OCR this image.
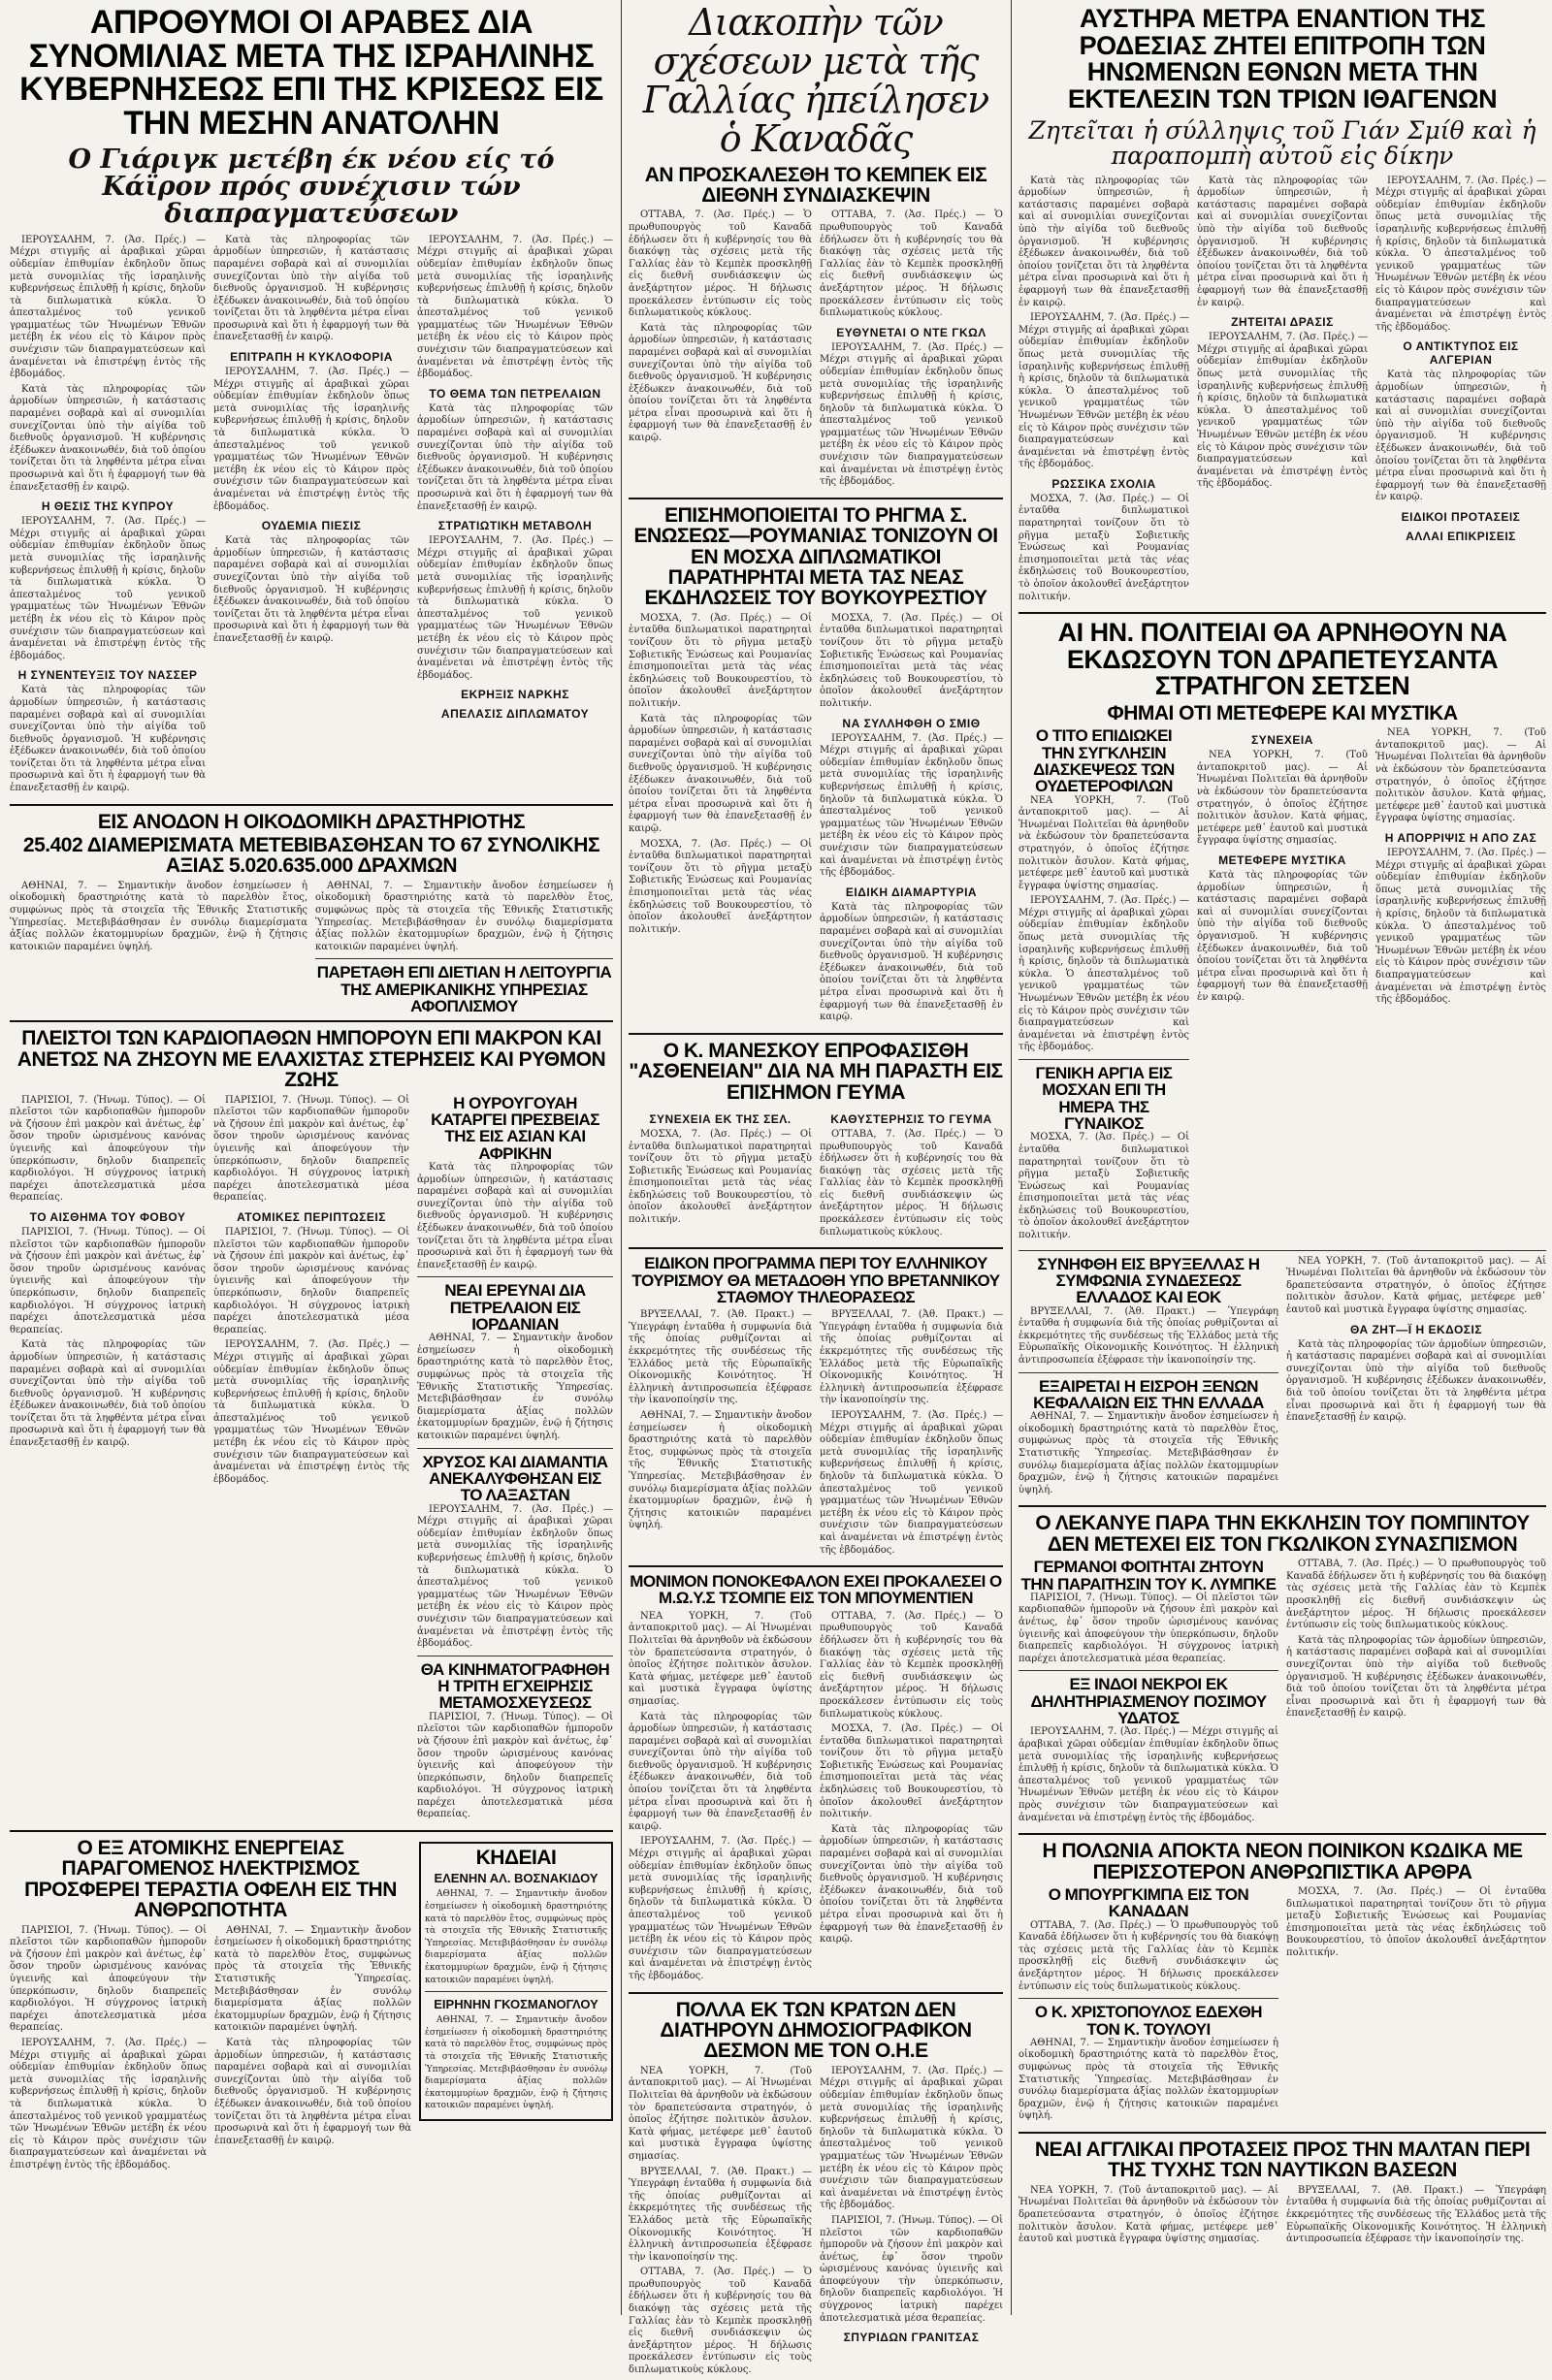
ΑΠΡΟΘΥΜΟΙ ΟΙ ΑΡΑΒΕΣ ΔΙΑ ΣΥΝΟΜΙΛΙΑΣ ΜΕΤΑ ΤΗΣ ΙΣΡΑΗΛΙΝΗΣ ΚΥΒΕΡΝΗΣΕΩΣ ΕΠΙ ΤΗΣ ΚΡΙΣΕΩΣ ΕΙΣ ΤΗΝ ΜΕΣΗΝ ΑΝΑΤΟΛΗΝ
Ο Γιάριγκ μετέβη έκ νέου είς τό Κάϊρον πρός συνέχισιν τών διαπραγματεύσεων

ΙΕΡΟΥΣΑΛΗΜ, 7. (Ἀσ. Πρές.) — Μέχρι στιγμῆς αἱ ἀραβικαὶ χῶραι οὐδεμίαν ἐπιθυμίαν ἐκδηλοῦν ὅπως μετὰ συνομιλίας τῆς ἰσραηλινῆς κυβερνήσεως ἐπιλυθῇ ἡ κρίσις, δηλοῦν τὰ διπλωματικὰ κύκλα. Ὁ ἀπεσταλμένος τοῦ γενικοῦ γραμματέως τῶν Ἡνωμένων Ἐθνῶν μετέβη ἐκ νέου εἰς τὸ Κάιρον πρὸς συνέχισιν τῶν διαπραγματεύσεων καὶ ἀναμένεται νὰ ἐπιστρέψῃ ἐντὸς τῆς ἑβδομάδος.

Κατὰ τὰς πληροφορίας τῶν ἁρμοδίων ὑπηρεσιῶν, ἡ κατάστασις παραμένει σοβαρὰ καὶ αἱ συνομιλίαι συνεχίζονται ὑπὸ τὴν αἰγίδα τοῦ διεθνοῦς ὀργανισμοῦ. Ἡ κυβέρνησις ἐξέδωκεν ἀνακοινωθέν, διὰ τοῦ ὁποίου τονίζεται ὅτι τὰ ληφθέντα μέτρα εἶναι προσωρινὰ καὶ ὅτι ἡ ἐφαρμογή των θὰ ἐπανεξετασθῇ ἐν καιρῷ.

Η ΘΕΣΙΣ ΤΗΣ ΚΥΠΡΟΥ

ΙΕΡΟΥΣΑΛΗΜ, 7. (Ἀσ. Πρές.) — Μέχρι στιγμῆς αἱ ἀραβικαὶ χῶραι οὐδεμίαν ἐπιθυμίαν ἐκδηλοῦν ὅπως μετὰ συνομιλίας τῆς ἰσραηλινῆς κυβερνήσεως ἐπιλυθῇ ἡ κρίσις, δηλοῦν τὰ διπλωματικὰ κύκλα. Ὁ ἀπεσταλμένος τοῦ γενικοῦ γραμματέως τῶν Ἡνωμένων Ἐθνῶν μετέβη ἐκ νέου εἰς τὸ Κάιρον πρὸς συνέχισιν τῶν διαπραγματεύσεων καὶ ἀναμένεται νὰ ἐπιστρέψῃ ἐντὸς τῆς ἑβδομάδος.

Η ΣΥΝΕΝΤΕΥΞΙΣ ΤΟΥ ΝΑΣΣΕΡ

Κατὰ τὰς πληροφορίας τῶν ἁρμοδίων ὑπηρεσιῶν, ἡ κατάστασις παραμένει σοβαρὰ καὶ αἱ συνομιλίαι συνεχίζονται ὑπὸ τὴν αἰγίδα τοῦ διεθνοῦς ὀργανισμοῦ. Ἡ κυβέρνησις ἐξέδωκεν ἀνακοινωθέν, διὰ τοῦ ὁποίου τονίζεται ὅτι τὰ ληφθέντα μέτρα εἶναι προσωρινὰ καὶ ὅτι ἡ ἐφαρμογή των θὰ ἐπανεξετασθῇ ἐν καιρῷ.

Κατὰ τὰς πληροφορίας τῶν ἁρμοδίων ὑπηρεσιῶν, ἡ κατάστασις παραμένει σοβαρὰ καὶ αἱ συνομιλίαι συνεχίζονται ὑπὸ τὴν αἰγίδα τοῦ διεθνοῦς ὀργανισμοῦ. Ἡ κυβέρνησις ἐξέδωκεν ἀνακοινωθέν, διὰ τοῦ ὁποίου τονίζεται ὅτι τὰ ληφθέντα μέτρα εἶναι προσωρινὰ καὶ ὅτι ἡ ἐφαρμογή των θὰ ἐπανεξετασθῇ ἐν καιρῷ.

ΕΠΙΤΡΑΠΗ Η ΚΥΚΛΟΦΟΡΙΑ

ΙΕΡΟΥΣΑΛΗΜ, 7. (Ἀσ. Πρές.) — Μέχρι στιγμῆς αἱ ἀραβικαὶ χῶραι οὐδεμίαν ἐπιθυμίαν ἐκδηλοῦν ὅπως μετὰ συνομιλίας τῆς ἰσραηλινῆς κυβερνήσεως ἐπιλυθῇ ἡ κρίσις, δηλοῦν τὰ διπλωματικὰ κύκλα. Ὁ ἀπεσταλμένος τοῦ γενικοῦ γραμματέως τῶν Ἡνωμένων Ἐθνῶν μετέβη ἐκ νέου εἰς τὸ Κάιρον πρὸς συνέχισιν τῶν διαπραγματεύσεων καὶ ἀναμένεται νὰ ἐπιστρέψῃ ἐντὸς τῆς ἑβδομάδος.

ΟΥΔΕΜΙΑ ΠΙΕΣΙΣ

Κατὰ τὰς πληροφορίας τῶν ἁρμοδίων ὑπηρεσιῶν, ἡ κατάστασις παραμένει σοβαρὰ καὶ αἱ συνομιλίαι συνεχίζονται ὑπὸ τὴν αἰγίδα τοῦ διεθνοῦς ὀργανισμοῦ. Ἡ κυβέρνησις ἐξέδωκεν ἀνακοινωθέν, διὰ τοῦ ὁποίου τονίζεται ὅτι τὰ ληφθέντα μέτρα εἶναι προσωρινὰ καὶ ὅτι ἡ ἐφαρμογή των θὰ ἐπανεξετασθῇ ἐν καιρῷ.

ΙΕΡΟΥΣΑΛΗΜ, 7. (Ἀσ. Πρές.) — Μέχρι στιγμῆς αἱ ἀραβικαὶ χῶραι οὐδεμίαν ἐπιθυμίαν ἐκδηλοῦν ὅπως μετὰ συνομιλίας τῆς ἰσραηλινῆς κυβερνήσεως ἐπιλυθῇ ἡ κρίσις, δηλοῦν τὰ διπλωματικὰ κύκλα. Ὁ ἀπεσταλμένος τοῦ γενικοῦ γραμματέως τῶν Ἡνωμένων Ἐθνῶν μετέβη ἐκ νέου εἰς τὸ Κάιρον πρὸς συνέχισιν τῶν διαπραγματεύσεων καὶ ἀναμένεται νὰ ἐπιστρέψῃ ἐντὸς τῆς ἑβδομάδος.

ΤΟ ΘΕΜΑ ΤΩΝ ΠΕΤΡΕΛΑΙΩΝ

Κατὰ τὰς πληροφορίας τῶν ἁρμοδίων ὑπηρεσιῶν, ἡ κατάστασις παραμένει σοβαρὰ καὶ αἱ συνομιλίαι συνεχίζονται ὑπὸ τὴν αἰγίδα τοῦ διεθνοῦς ὀργανισμοῦ. Ἡ κυβέρνησις ἐξέδωκεν ἀνακοινωθέν, διὰ τοῦ ὁποίου τονίζεται ὅτι τὰ ληφθέντα μέτρα εἶναι προσωρινὰ καὶ ὅτι ἡ ἐφαρμογή των θὰ ἐπανεξετασθῇ ἐν καιρῷ.

ΣΤΡΑΤΙΩΤΙΚΗ ΜΕΤΑΒΟΛΗ

ΙΕΡΟΥΣΑΛΗΜ, 7. (Ἀσ. Πρές.) — Μέχρι στιγμῆς αἱ ἀραβικαὶ χῶραι οὐδεμίαν ἐπιθυμίαν ἐκδηλοῦν ὅπως μετὰ συνομιλίας τῆς ἰσραηλινῆς κυβερνήσεως ἐπιλυθῇ ἡ κρίσις, δηλοῦν τὰ διπλωματικὰ κύκλα. Ὁ ἀπεσταλμένος τοῦ γενικοῦ γραμματέως τῶν Ἡνωμένων Ἐθνῶν μετέβη ἐκ νέου εἰς τὸ Κάιρον πρὸς συνέχισιν τῶν διαπραγματεύσεων καὶ ἀναμένεται νὰ ἐπιστρέψῃ ἐντὸς τῆς ἑβδομάδος.

ΕΚΡΗΞΙΣ ΝΑΡΚΗΣ
ΑΠΕΛΑΣΙΣ ΔΙΠΛΩΜΑΤΟΥ
ΕΙΣ ΑΝΟΔΟΝ Η ΟΙΚΟΔΟΜΙΚΗ ΔΡΑΣΤΗΡΙΟΤΗΣ
25.402 ΔΙΑΜΕΡΙΣΜΑΤΑ ΜΕΤΕΒΙΒΑΣΘΗΣΑΝ ΤΟ 67 ΣΥΝΟΛΙΚΗΣ ΑΞΙΑΣ 5.020.635.000 ΔΡΑΧΜΩΝ

ΑΘΗΝΑΙ, 7. — Σημαντικὴν ἄνοδον ἐσημείωσεν ἡ οἰκοδομικὴ δραστηριότης κατὰ τὸ παρελθὸν ἔτος, συμφώνως πρὸς τὰ στοιχεῖα τῆς Ἐθνικῆς Στατιστικῆς Ὑπηρεσίας. Μετεβιβάσθησαν ἐν συνόλῳ διαμερίσματα ἀξίας πολλῶν ἑκατομμυρίων δραχμῶν, ἐνῷ ἡ ζήτησις κατοικιῶν παραμένει ὑψηλή.

ΑΘΗΝΑΙ, 7. — Σημαντικὴν ἄνοδον ἐσημείωσεν ἡ οἰκοδομικὴ δραστηριότης κατὰ τὸ παρελθὸν ἔτος, συμφώνως πρὸς τὰ στοιχεῖα τῆς Ἐθνικῆς Στατιστικῆς Ὑπηρεσίας. Μετεβιβάσθησαν ἐν συνόλῳ διαμερίσματα ἀξίας πολλῶν ἑκατομμυρίων δραχμῶν, ἐνῷ ἡ ζήτησις κατοικιῶν παραμένει ὑψηλή.

ΠΑΡΕΤΑΘΗ ΕΠΙ ΔΙΕΤΙΑΝ Η ΛΕΙΤΟΥΡΓΙΑ ΤΗΣ ΑΜΕΡΙΚΑΝΙΚΗΣ ΥΠΗΡΕΣΙΑΣ ΑΦΟΠΛΙΣΜΟΥ
ΠΛΕΙΣΤΟΙ ΤΩΝ ΚΑΡΔΙΟΠΑΘΩΝ ΗΜΠΟΡΟΥΝ ΕΠΙ ΜΑΚΡΟΝ ΚΑΙ ΑΝΕΤΩΣ ΝΑ ΖΗΣΟΥΝ ΜΕ ΕΛΑΧΙΣΤΑΣ ΣΤΕΡΗΣΕΙΣ ΚΑΙ ΡΥΘΜΟΝ ΖΩΗΣ

ΠΑΡΙΣΙΟΙ, 7. (Ἡνωμ. Τύπος). — Οἱ πλεῖστοι τῶν καρδιοπαθῶν ἠμποροῦν νὰ ζήσουν ἐπὶ μακρὸν καὶ ἀνέτως, ἐφ᾽ ὅσον τηροῦν ὡρισμένους κανόνας ὑγιεινῆς καὶ ἀποφεύγουν τὴν ὑπερκόπωσιν, δηλοῦν διαπρεπεῖς καρδιολόγοι. Ἡ σύγχρονος ἰατρικὴ παρέχει ἀποτελεσματικὰ μέσα θεραπείας.

ΤΟ ΑΙΣΘΗΜΑ ΤΟΥ ΦΟΒΟΥ

ΠΑΡΙΣΙΟΙ, 7. (Ἡνωμ. Τύπος). — Οἱ πλεῖστοι τῶν καρδιοπαθῶν ἠμποροῦν νὰ ζήσουν ἐπὶ μακρὸν καὶ ἀνέτως, ἐφ᾽ ὅσον τηροῦν ὡρισμένους κανόνας ὑγιεινῆς καὶ ἀποφεύγουν τὴν ὑπερκόπωσιν, δηλοῦν διαπρεπεῖς καρδιολόγοι. Ἡ σύγχρονος ἰατρικὴ παρέχει ἀποτελεσματικὰ μέσα θεραπείας.

Κατὰ τὰς πληροφορίας τῶν ἁρμοδίων ὑπηρεσιῶν, ἡ κατάστασις παραμένει σοβαρὰ καὶ αἱ συνομιλίαι συνεχίζονται ὑπὸ τὴν αἰγίδα τοῦ διεθνοῦς ὀργανισμοῦ. Ἡ κυβέρνησις ἐξέδωκεν ἀνακοινωθέν, διὰ τοῦ ὁποίου τονίζεται ὅτι τὰ ληφθέντα μέτρα εἶναι προσωρινὰ καὶ ὅτι ἡ ἐφαρμογή των θὰ ἐπανεξετασθῇ ἐν καιρῷ.

ΠΑΡΙΣΙΟΙ, 7. (Ἡνωμ. Τύπος). — Οἱ πλεῖστοι τῶν καρδιοπαθῶν ἠμποροῦν νὰ ζήσουν ἐπὶ μακρὸν καὶ ἀνέτως, ἐφ᾽ ὅσον τηροῦν ὡρισμένους κανόνας ὑγιεινῆς καὶ ἀποφεύγουν τὴν ὑπερκόπωσιν, δηλοῦν διαπρεπεῖς καρδιολόγοι. Ἡ σύγχρονος ἰατρικὴ παρέχει ἀποτελεσματικὰ μέσα θεραπείας.

ΑΤΟΜΙΚΕΣ ΠΕΡΙΠΤΩΣΕΙΣ

ΠΑΡΙΣΙΟΙ, 7. (Ἡνωμ. Τύπος). — Οἱ πλεῖστοι τῶν καρδιοπαθῶν ἠμποροῦν νὰ ζήσουν ἐπὶ μακρὸν καὶ ἀνέτως, ἐφ᾽ ὅσον τηροῦν ὡρισμένους κανόνας ὑγιεινῆς καὶ ἀποφεύγουν τὴν ὑπερκόπωσιν, δηλοῦν διαπρεπεῖς καρδιολόγοι. Ἡ σύγχρονος ἰατρικὴ παρέχει ἀποτελεσματικὰ μέσα θεραπείας.

ΙΕΡΟΥΣΑΛΗΜ, 7. (Ἀσ. Πρές.) — Μέχρι στιγμῆς αἱ ἀραβικαὶ χῶραι οὐδεμίαν ἐπιθυμίαν ἐκδηλοῦν ὅπως μετὰ συνομιλίας τῆς ἰσραηλινῆς κυβερνήσεως ἐπιλυθῇ ἡ κρίσις, δηλοῦν τὰ διπλωματικὰ κύκλα. Ὁ ἀπεσταλμένος τοῦ γενικοῦ γραμματέως τῶν Ἡνωμένων Ἐθνῶν μετέβη ἐκ νέου εἰς τὸ Κάιρον πρὸς συνέχισιν τῶν διαπραγματεύσεων καὶ ἀναμένεται νὰ ἐπιστρέψῃ ἐντὸς τῆς ἑβδομάδος.

Η ΟΥΡΟΥΓΟΥΑΗ ΚΑΤΑΡΓΕΙ ΠΡΕΣΒΕΙΑΣ ΤΗΣ ΕΙΣ ΑΣΙΑΝ ΚΑΙ ΑΦΡΙΚΗΝ

Κατὰ τὰς πληροφορίας τῶν ἁρμοδίων ὑπηρεσιῶν, ἡ κατάστασις παραμένει σοβαρὰ καὶ αἱ συνομιλίαι συνεχίζονται ὑπὸ τὴν αἰγίδα τοῦ διεθνοῦς ὀργανισμοῦ. Ἡ κυβέρνησις ἐξέδωκεν ἀνακοινωθέν, διὰ τοῦ ὁποίου τονίζεται ὅτι τὰ ληφθέντα μέτρα εἶναι προσωρινὰ καὶ ὅτι ἡ ἐφαρμογή των θὰ ἐπανεξετασθῇ ἐν καιρῷ.

ΝΕΑΙ ΕΡΕΥΝΑΙ ΔΙΑ ΠΕΤΡΕΛΑΙΟΝ ΕΙΣ ΙΟΡΔΑΝΙΑΝ

ΑΘΗΝΑΙ, 7. — Σημαντικὴν ἄνοδον ἐσημείωσεν ἡ οἰκοδομικὴ δραστηριότης κατὰ τὸ παρελθὸν ἔτος, συμφώνως πρὸς τὰ στοιχεῖα τῆς Ἐθνικῆς Στατιστικῆς Ὑπηρεσίας. Μετεβιβάσθησαν ἐν συνόλῳ διαμερίσματα ἀξίας πολλῶν ἑκατομμυρίων δραχμῶν, ἐνῷ ἡ ζήτησις κατοικιῶν παραμένει ὑψηλή.

ΧΡΥΣΟΣ ΚΑΙ ΔΙΑΜΑΝΤΙΑ ΑΝΕΚΑΛΥΦΘΗΣΑΝ ΕΙΣ ΤΟ ΛΑΞΑΣΤΑΝ

ΙΕΡΟΥΣΑΛΗΜ, 7. (Ἀσ. Πρές.) — Μέχρι στιγμῆς αἱ ἀραβικαὶ χῶραι οὐδεμίαν ἐπιθυμίαν ἐκδηλοῦν ὅπως μετὰ συνομιλίας τῆς ἰσραηλινῆς κυβερνήσεως ἐπιλυθῇ ἡ κρίσις, δηλοῦν τὰ διπλωματικὰ κύκλα. Ὁ ἀπεσταλμένος τοῦ γενικοῦ γραμματέως τῶν Ἡνωμένων Ἐθνῶν μετέβη ἐκ νέου εἰς τὸ Κάιρον πρὸς συνέχισιν τῶν διαπραγματεύσεων καὶ ἀναμένεται νὰ ἐπιστρέψῃ ἐντὸς τῆς ἑβδομάδος.

ΘΑ ΚΙΝΗΜΑΤΟΓΡΑΦΗΘΗ Η ΤΡΙΤΗ ΕΓΧΕΙΡΗΣΙΣ ΜΕΤΑΜΟΣΧΕΥΣΕΩΣ

ΠΑΡΙΣΙΟΙ, 7. (Ἡνωμ. Τύπος). — Οἱ πλεῖστοι τῶν καρδιοπαθῶν ἠμποροῦν νὰ ζήσουν ἐπὶ μακρὸν καὶ ἀνέτως, ἐφ᾽ ὅσον τηροῦν ὡρισμένους κανόνας ὑγιεινῆς καὶ ἀποφεύγουν τὴν ὑπερκόπωσιν, δηλοῦν διαπρεπεῖς καρδιολόγοι. Ἡ σύγχρονος ἰατρικὴ παρέχει ἀποτελεσματικὰ μέσα θεραπείας.

Ο ΕΞ ΑΤΟΜΙΚΗΣ ΕΝΕΡΓΕΙΑΣ ΠΑΡΑΓΟΜΕΝΟΣ ΗΛΕΚΤΡΙΣΜΟΣ ΠΡΟΣΦΕΡΕΙ ΤΕΡΑΣΤΙΑ ΟΦΕΛΗ ΕΙΣ ΤΗΝ ΑΝΘΡΩΠΟΤΗΤΑ

ΠΑΡΙΣΙΟΙ, 7. (Ἡνωμ. Τύπος). — Οἱ πλεῖστοι τῶν καρδιοπαθῶν ἠμποροῦν νὰ ζήσουν ἐπὶ μακρὸν καὶ ἀνέτως, ἐφ᾽ ὅσον τηροῦν ὡρισμένους κανόνας ὑγιεινῆς καὶ ἀποφεύγουν τὴν ὑπερκόπωσιν, δηλοῦν διαπρεπεῖς καρδιολόγοι. Ἡ σύγχρονος ἰατρικὴ παρέχει ἀποτελεσματικὰ μέσα θεραπείας.

ΙΕΡΟΥΣΑΛΗΜ, 7. (Ἀσ. Πρές.) — Μέχρι στιγμῆς αἱ ἀραβικαὶ χῶραι οὐδεμίαν ἐπιθυμίαν ἐκδηλοῦν ὅπως μετὰ συνομιλίας τῆς ἰσραηλινῆς κυβερνήσεως ἐπιλυθῇ ἡ κρίσις, δηλοῦν τὰ διπλωματικὰ κύκλα. Ὁ ἀπεσταλμένος τοῦ γενικοῦ γραμματέως τῶν Ἡνωμένων Ἐθνῶν μετέβη ἐκ νέου εἰς τὸ Κάιρον πρὸς συνέχισιν τῶν διαπραγματεύσεων καὶ ἀναμένεται νὰ ἐπιστρέψῃ ἐντὸς τῆς ἑβδομάδος.

ΑΘΗΝΑΙ, 7. — Σημαντικὴν ἄνοδον ἐσημείωσεν ἡ οἰκοδομικὴ δραστηριότης κατὰ τὸ παρελθὸν ἔτος, συμφώνως πρὸς τὰ στοιχεῖα τῆς Ἐθνικῆς Στατιστικῆς Ὑπηρεσίας. Μετεβιβάσθησαν ἐν συνόλῳ διαμερίσματα ἀξίας πολλῶν ἑκατομμυρίων δραχμῶν, ἐνῷ ἡ ζήτησις κατοικιῶν παραμένει ὑψηλή.

Κατὰ τὰς πληροφορίας τῶν ἁρμοδίων ὑπηρεσιῶν, ἡ κατάστασις παραμένει σοβαρὰ καὶ αἱ συνομιλίαι συνεχίζονται ὑπὸ τὴν αἰγίδα τοῦ διεθνοῦς ὀργανισμοῦ. Ἡ κυβέρνησις ἐξέδωκεν ἀνακοινωθέν, διὰ τοῦ ὁποίου τονίζεται ὅτι τὰ ληφθέντα μέτρα εἶναι προσωρινὰ καὶ ὅτι ἡ ἐφαρμογή των θὰ ἐπανεξετασθῇ ἐν καιρῷ.

ΚΗΔΕΙΑΙ
ΕΛΕΝΗΝ ΑΛ. ΒΟΣΝΑΚΙΔΟΥ

ΑΘΗΝΑΙ, 7. — Σημαντικὴν ἄνοδον ἐσημείωσεν ἡ οἰκοδομικὴ δραστηριότης κατὰ τὸ παρελθὸν ἔτος, συμφώνως πρὸς τὰ στοιχεῖα τῆς Ἐθνικῆς Στατιστικῆς Ὑπηρεσίας. Μετεβιβάσθησαν ἐν συνόλῳ διαμερίσματα ἀξίας πολλῶν ἑκατομμυρίων δραχμῶν, ἐνῷ ἡ ζήτησις κατοικιῶν παραμένει ὑψηλή.

ΕΙΡΗΝΗΝ ΓΚΟΣΜΑΝΟΓΛΟΥ

ΑΘΗΝΑΙ, 7. — Σημαντικὴν ἄνοδον ἐσημείωσεν ἡ οἰκοδομικὴ δραστηριότης κατὰ τὸ παρελθὸν ἔτος, συμφώνως πρὸς τὰ στοιχεῖα τῆς Ἐθνικῆς Στατιστικῆς Ὑπηρεσίας. Μετεβιβάσθησαν ἐν συνόλῳ διαμερίσματα ἀξίας πολλῶν ἑκατομμυρίων δραχμῶν, ἐνῷ ἡ ζήτησις κατοικιῶν παραμένει ὑψηλή.

Διακοπὴν τῶν σχέσεων μετὰ τῆς Γαλλίας ἠπείλησεν ὁ Καναδᾶς
ΑΝ ΠΡΟΣΚΑΛΕΣΘΗ ΤΟ ΚΕΜΠΕΚ ΕΙΣ ΔΙΕΘΝΗ ΣΥΝΔΙΑΣΚΕΨΙΝ

ΟΤΤΑΒΑ, 7. (Ἀσ. Πρές.) — Ὁ πρωθυπουργὸς τοῦ Καναδᾶ ἐδήλωσεν ὅτι ἡ κυβέρνησίς του θὰ διακόψῃ τὰς σχέσεις μετὰ τῆς Γαλλίας ἐὰν τὸ Κεμπὲκ προσκληθῇ εἰς διεθνῆ συνδιάσκεψιν ὡς ἀνεξάρτητον μέρος. Ἡ δήλωσις προεκάλεσεν ἐντύπωσιν εἰς τοὺς διπλωματικοὺς κύκλους.

Κατὰ τὰς πληροφορίας τῶν ἁρμοδίων ὑπηρεσιῶν, ἡ κατάστασις παραμένει σοβαρὰ καὶ αἱ συνομιλίαι συνεχίζονται ὑπὸ τὴν αἰγίδα τοῦ διεθνοῦς ὀργανισμοῦ. Ἡ κυβέρνησις ἐξέδωκεν ἀνακοινωθέν, διὰ τοῦ ὁποίου τονίζεται ὅτι τὰ ληφθέντα μέτρα εἶναι προσωρινὰ καὶ ὅτι ἡ ἐφαρμογή των θὰ ἐπανεξετασθῇ ἐν καιρῷ.

ΟΤΤΑΒΑ, 7. (Ἀσ. Πρές.) — Ὁ πρωθυπουργὸς τοῦ Καναδᾶ ἐδήλωσεν ὅτι ἡ κυβέρνησίς του θὰ διακόψῃ τὰς σχέσεις μετὰ τῆς Γαλλίας ἐὰν τὸ Κεμπὲκ προσκληθῇ εἰς διεθνῆ συνδιάσκεψιν ὡς ἀνεξάρτητον μέρος. Ἡ δήλωσις προεκάλεσεν ἐντύπωσιν εἰς τοὺς διπλωματικοὺς κύκλους.

ΕΥΘΥΝΕΤΑΙ Ο ΝΤΕ ΓΚΩΛ

ΙΕΡΟΥΣΑΛΗΜ, 7. (Ἀσ. Πρές.) — Μέχρι στιγμῆς αἱ ἀραβικαὶ χῶραι οὐδεμίαν ἐπιθυμίαν ἐκδηλοῦν ὅπως μετὰ συνομιλίας τῆς ἰσραηλινῆς κυβερνήσεως ἐπιλυθῇ ἡ κρίσις, δηλοῦν τὰ διπλωματικὰ κύκλα. Ὁ ἀπεσταλμένος τοῦ γενικοῦ γραμματέως τῶν Ἡνωμένων Ἐθνῶν μετέβη ἐκ νέου εἰς τὸ Κάιρον πρὸς συνέχισιν τῶν διαπραγματεύσεων καὶ ἀναμένεται νὰ ἐπιστρέψῃ ἐντὸς τῆς ἑβδομάδος.

ΕΠΙΣΗΜΟΠΟΙΕΙΤΑΙ ΤΟ ΡΗΓΜΑ Σ. ΕΝΩΣΕΩΣ—ΡΟΥΜΑΝΙΑΣ ΤΟΝΙΖΟΥΝ ΟΙ ΕΝ ΜΟΣΧΑ ΔΙΠΛΩΜΑΤΙΚΟΙ ΠΑΡΑΤΗΡΗΤΑΙ ΜΕΤΑ ΤΑΣ ΝΕΑΣ ΕΚΔΗΛΩΣΕΙΣ ΤΟΥ ΒΟΥΚΟΥΡΕΣΤΙΟΥ

ΜΟΣΧΑ, 7. (Ἀσ. Πρές.) — Οἱ ἐνταῦθα διπλωματικοὶ παρατηρηταὶ τονίζουν ὅτι τὸ ρῆγμα μεταξὺ Σοβιετικῆς Ἑνώσεως καὶ Ρουμανίας ἐπισημοποιεῖται μετὰ τὰς νέας ἐκδηλώσεις τοῦ Βουκουρεστίου, τὸ ὁποῖον ἀκολουθεῖ ἀνεξάρτητον πολιτικήν.

Κατὰ τὰς πληροφορίας τῶν ἁρμοδίων ὑπηρεσιῶν, ἡ κατάστασις παραμένει σοβαρὰ καὶ αἱ συνομιλίαι συνεχίζονται ὑπὸ τὴν αἰγίδα τοῦ διεθνοῦς ὀργανισμοῦ. Ἡ κυβέρνησις ἐξέδωκεν ἀνακοινωθέν, διὰ τοῦ ὁποίου τονίζεται ὅτι τὰ ληφθέντα μέτρα εἶναι προσωρινὰ καὶ ὅτι ἡ ἐφαρμογή των θὰ ἐπανεξετασθῇ ἐν καιρῷ.

ΜΟΣΧΑ, 7. (Ἀσ. Πρές.) — Οἱ ἐνταῦθα διπλωματικοὶ παρατηρηταὶ τονίζουν ὅτι τὸ ρῆγμα μεταξὺ Σοβιετικῆς Ἑνώσεως καὶ Ρουμανίας ἐπισημοποιεῖται μετὰ τὰς νέας ἐκδηλώσεις τοῦ Βουκουρεστίου, τὸ ὁποῖον ἀκολουθεῖ ἀνεξάρτητον πολιτικήν.

ΜΟΣΧΑ, 7. (Ἀσ. Πρές.) — Οἱ ἐνταῦθα διπλωματικοὶ παρατηρηταὶ τονίζουν ὅτι τὸ ρῆγμα μεταξὺ Σοβιετικῆς Ἑνώσεως καὶ Ρουμανίας ἐπισημοποιεῖται μετὰ τὰς νέας ἐκδηλώσεις τοῦ Βουκουρεστίου, τὸ ὁποῖον ἀκολουθεῖ ἀνεξάρτητον πολιτικήν.

ΝΑ ΣΥΛΛΗΦΘΗ Ο ΣΜΙΘ

ΙΕΡΟΥΣΑΛΗΜ, 7. (Ἀσ. Πρές.) — Μέχρι στιγμῆς αἱ ἀραβικαὶ χῶραι οὐδεμίαν ἐπιθυμίαν ἐκδηλοῦν ὅπως μετὰ συνομιλίας τῆς ἰσραηλινῆς κυβερνήσεως ἐπιλυθῇ ἡ κρίσις, δηλοῦν τὰ διπλωματικὰ κύκλα. Ὁ ἀπεσταλμένος τοῦ γενικοῦ γραμματέως τῶν Ἡνωμένων Ἐθνῶν μετέβη ἐκ νέου εἰς τὸ Κάιρον πρὸς συνέχισιν τῶν διαπραγματεύσεων καὶ ἀναμένεται νὰ ἐπιστρέψῃ ἐντὸς τῆς ἑβδομάδος.

ΕΙΔΙΚΗ ΔΙΑΜΑΡΤΥΡΙΑ

Κατὰ τὰς πληροφορίας τῶν ἁρμοδίων ὑπηρεσιῶν, ἡ κατάστασις παραμένει σοβαρὰ καὶ αἱ συνομιλίαι συνεχίζονται ὑπὸ τὴν αἰγίδα τοῦ διεθνοῦς ὀργανισμοῦ. Ἡ κυβέρνησις ἐξέδωκεν ἀνακοινωθέν, διὰ τοῦ ὁποίου τονίζεται ὅτι τὰ ληφθέντα μέτρα εἶναι προσωρινὰ καὶ ὅτι ἡ ἐφαρμογή των θὰ ἐπανεξετασθῇ ἐν καιρῷ.

Ο Κ. ΜΑΝΕΣΚΟΥ ΕΠΡΟΦΑΣΙΣΘΗ "ΑΣΘΕΝΕΙΑΝ" ΔΙΑ ΝΑ ΜΗ ΠΑΡΑΣΤΗ ΕΙΣ ΕΠΙΣΗΜΟΝ ΓΕΥΜΑ
ΣΥΝΕΧΕΙΑ ΕΚ ΤΗΣ ΣΕΛ.

ΜΟΣΧΑ, 7. (Ἀσ. Πρές.) — Οἱ ἐνταῦθα διπλωματικοὶ παρατηρηταὶ τονίζουν ὅτι τὸ ρῆγμα μεταξὺ Σοβιετικῆς Ἑνώσεως καὶ Ρουμανίας ἐπισημοποιεῖται μετὰ τὰς νέας ἐκδηλώσεις τοῦ Βουκουρεστίου, τὸ ὁποῖον ἀκολουθεῖ ἀνεξάρτητον πολιτικήν.

ΚΑΘΥΣΤΕΡΗΣΙΣ ΤΟ ΓΕΥΜΑ

ΟΤΤΑΒΑ, 7. (Ἀσ. Πρές.) — Ὁ πρωθυπουργὸς τοῦ Καναδᾶ ἐδήλωσεν ὅτι ἡ κυβέρνησίς του θὰ διακόψῃ τὰς σχέσεις μετὰ τῆς Γαλλίας ἐὰν τὸ Κεμπὲκ προσκληθῇ εἰς διεθνῆ συνδιάσκεψιν ὡς ἀνεξάρτητον μέρος. Ἡ δήλωσις προεκάλεσεν ἐντύπωσιν εἰς τοὺς διπλωματικοὺς κύκλους.

ΕΙΔΙΚΟΝ ΠΡΟΓΡΑΜΜΑ ΠΕΡΙ ΤΟΥ ΕΛΛΗΝΙΚΟΥ ΤΟΥΡΙΣΜΟΥ ΘΑ ΜΕΤΑΔΟΘΗ ΥΠΟ ΒΡΕΤΑΝΝΙΚΟΥ ΣΤΑΘΜΟΥ ΤΗΛΕΟΡΑΣΕΩΣ

ΒΡΥΞΕΛΛΑΙ, 7. (Ἀθ. Πρακτ.) — Ὑπεγράφη ἐνταῦθα ἡ συμφωνία διὰ τῆς ὁποίας ρυθμίζονται αἱ ἐκκρεμότητες τῆς συνδέσεως τῆς Ἑλλάδος μετὰ τῆς Εὐρωπαϊκῆς Οἰκονομικῆς Κοινότητος. Ἡ ἑλληνικὴ ἀντιπροσωπεία ἐξέφρασε τὴν ἱκανοποίησίν της.

ΑΘΗΝΑΙ, 7. — Σημαντικὴν ἄνοδον ἐσημείωσεν ἡ οἰκοδομικὴ δραστηριότης κατὰ τὸ παρελθὸν ἔτος, συμφώνως πρὸς τὰ στοιχεῖα τῆς Ἐθνικῆς Στατιστικῆς Ὑπηρεσίας. Μετεβιβάσθησαν ἐν συνόλῳ διαμερίσματα ἀξίας πολλῶν ἑκατομμυρίων δραχμῶν, ἐνῷ ἡ ζήτησις κατοικιῶν παραμένει ὑψηλή.

ΒΡΥΞΕΛΛΑΙ, 7. (Ἀθ. Πρακτ.) — Ὑπεγράφη ἐνταῦθα ἡ συμφωνία διὰ τῆς ὁποίας ρυθμίζονται αἱ ἐκκρεμότητες τῆς συνδέσεως τῆς Ἑλλάδος μετὰ τῆς Εὐρωπαϊκῆς Οἰκονομικῆς Κοινότητος. Ἡ ἑλληνικὴ ἀντιπροσωπεία ἐξέφρασε τὴν ἱκανοποίησίν της.

ΙΕΡΟΥΣΑΛΗΜ, 7. (Ἀσ. Πρές.) — Μέχρι στιγμῆς αἱ ἀραβικαὶ χῶραι οὐδεμίαν ἐπιθυμίαν ἐκδηλοῦν ὅπως μετὰ συνομιλίας τῆς ἰσραηλινῆς κυβερνήσεως ἐπιλυθῇ ἡ κρίσις, δηλοῦν τὰ διπλωματικὰ κύκλα. Ὁ ἀπεσταλμένος τοῦ γενικοῦ γραμματέως τῶν Ἡνωμένων Ἐθνῶν μετέβη ἐκ νέου εἰς τὸ Κάιρον πρὸς συνέχισιν τῶν διαπραγματεύσεων καὶ ἀναμένεται νὰ ἐπιστρέψῃ ἐντὸς τῆς ἑβδομάδος.

ΜΟΝΙΜΟΝ ΠΟΝΟΚΕΦΑΛΟΝ ΕΧΕΙ ΠΡΟΚΑΛΕΣΕΙ Ο Μ.Ω.Υ.Σ ΤΣΟΜΠΕ ΕΙΣ ΤΟΝ ΜΠΟΥΜΕΝΤΙΕΝ

ΝΕΑ ΥΟΡΚΗ, 7. (Τοῦ ἀνταποκριτοῦ μας). — Αἱ Ἡνωμέναι Πολιτεῖαι θὰ ἀρνηθοῦν νὰ ἐκδώσουν τὸν δραπετεύσαντα στρατηγόν, ὁ ὁποῖος ἐζήτησε πολιτικὸν ἄσυλον. Κατὰ φήμας, μετέφερε μεθ᾽ ἑαυτοῦ καὶ μυστικὰ ἔγγραφα ὑψίστης σημασίας.

Κατὰ τὰς πληροφορίας τῶν ἁρμοδίων ὑπηρεσιῶν, ἡ κατάστασις παραμένει σοβαρὰ καὶ αἱ συνομιλίαι συνεχίζονται ὑπὸ τὴν αἰγίδα τοῦ διεθνοῦς ὀργανισμοῦ. Ἡ κυβέρνησις ἐξέδωκεν ἀνακοινωθέν, διὰ τοῦ ὁποίου τονίζεται ὅτι τὰ ληφθέντα μέτρα εἶναι προσωρινὰ καὶ ὅτι ἡ ἐφαρμογή των θὰ ἐπανεξετασθῇ ἐν καιρῷ.

ΙΕΡΟΥΣΑΛΗΜ, 7. (Ἀσ. Πρές.) — Μέχρι στιγμῆς αἱ ἀραβικαὶ χῶραι οὐδεμίαν ἐπιθυμίαν ἐκδηλοῦν ὅπως μετὰ συνομιλίας τῆς ἰσραηλινῆς κυβερνήσεως ἐπιλυθῇ ἡ κρίσις, δηλοῦν τὰ διπλωματικὰ κύκλα. Ὁ ἀπεσταλμένος τοῦ γενικοῦ γραμματέως τῶν Ἡνωμένων Ἐθνῶν μετέβη ἐκ νέου εἰς τὸ Κάιρον πρὸς συνέχισιν τῶν διαπραγματεύσεων καὶ ἀναμένεται νὰ ἐπιστρέψῃ ἐντὸς τῆς ἑβδομάδος.

ΟΤΤΑΒΑ, 7. (Ἀσ. Πρές.) — Ὁ πρωθυπουργὸς τοῦ Καναδᾶ ἐδήλωσεν ὅτι ἡ κυβέρνησίς του θὰ διακόψῃ τὰς σχέσεις μετὰ τῆς Γαλλίας ἐὰν τὸ Κεμπὲκ προσκληθῇ εἰς διεθνῆ συνδιάσκεψιν ὡς ἀνεξάρτητον μέρος. Ἡ δήλωσις προεκάλεσεν ἐντύπωσιν εἰς τοὺς διπλωματικοὺς κύκλους.

ΜΟΣΧΑ, 7. (Ἀσ. Πρές.) — Οἱ ἐνταῦθα διπλωματικοὶ παρατηρηταὶ τονίζουν ὅτι τὸ ρῆγμα μεταξὺ Σοβιετικῆς Ἑνώσεως καὶ Ρουμανίας ἐπισημοποιεῖται μετὰ τὰς νέας ἐκδηλώσεις τοῦ Βουκουρεστίου, τὸ ὁποῖον ἀκολουθεῖ ἀνεξάρτητον πολιτικήν.

Κατὰ τὰς πληροφορίας τῶν ἁρμοδίων ὑπηρεσιῶν, ἡ κατάστασις παραμένει σοβαρὰ καὶ αἱ συνομιλίαι συνεχίζονται ὑπὸ τὴν αἰγίδα τοῦ διεθνοῦς ὀργανισμοῦ. Ἡ κυβέρνησις ἐξέδωκεν ἀνακοινωθέν, διὰ τοῦ ὁποίου τονίζεται ὅτι τὰ ληφθέντα μέτρα εἶναι προσωρινὰ καὶ ὅτι ἡ ἐφαρμογή των θὰ ἐπανεξετασθῇ ἐν καιρῷ.

ΠΟΛΛΑ ΕΚ ΤΩΝ ΚΡΑΤΩΝ ΔΕΝ ΔΙΑΤΗΡΟΥΝ ΔΗΜΟΣΙΟΓΡΑΦΙΚΟΝ ΔΕΣΜΟΝ ΜΕ ΤΟΝ Ο.Η.Ε

ΝΕΑ ΥΟΡΚΗ, 7. (Τοῦ ἀνταποκριτοῦ μας). — Αἱ Ἡνωμέναι Πολιτεῖαι θὰ ἀρνηθοῦν νὰ ἐκδώσουν τὸν δραπετεύσαντα στρατηγόν, ὁ ὁποῖος ἐζήτησε πολιτικὸν ἄσυλον. Κατὰ φήμας, μετέφερε μεθ᾽ ἑαυτοῦ καὶ μυστικὰ ἔγγραφα ὑψίστης σημασίας.

ΒΡΥΞΕΛΛΑΙ, 7. (Ἀθ. Πρακτ.) — Ὑπεγράφη ἐνταῦθα ἡ συμφωνία διὰ τῆς ὁποίας ρυθμίζονται αἱ ἐκκρεμότητες τῆς συνδέσεως τῆς Ἑλλάδος μετὰ τῆς Εὐρωπαϊκῆς Οἰκονομικῆς Κοινότητος. Ἡ ἑλληνικὴ ἀντιπροσωπεία ἐξέφρασε τὴν ἱκανοποίησίν της.

ΟΤΤΑΒΑ, 7. (Ἀσ. Πρές.) — Ὁ πρωθυπουργὸς τοῦ Καναδᾶ ἐδήλωσεν ὅτι ἡ κυβέρνησίς του θὰ διακόψῃ τὰς σχέσεις μετὰ τῆς Γαλλίας ἐὰν τὸ Κεμπὲκ προσκληθῇ εἰς διεθνῆ συνδιάσκεψιν ὡς ἀνεξάρτητον μέρος. Ἡ δήλωσις προεκάλεσεν ἐντύπωσιν εἰς τοὺς διπλωματικοὺς κύκλους.

ΙΕΡΟΥΣΑΛΗΜ, 7. (Ἀσ. Πρές.) — Μέχρι στιγμῆς αἱ ἀραβικαὶ χῶραι οὐδεμίαν ἐπιθυμίαν ἐκδηλοῦν ὅπως μετὰ συνομιλίας τῆς ἰσραηλινῆς κυβερνήσεως ἐπιλυθῇ ἡ κρίσις, δηλοῦν τὰ διπλωματικὰ κύκλα. Ὁ ἀπεσταλμένος τοῦ γενικοῦ γραμματέως τῶν Ἡνωμένων Ἐθνῶν μετέβη ἐκ νέου εἰς τὸ Κάιρον πρὸς συνέχισιν τῶν διαπραγματεύσεων καὶ ἀναμένεται νὰ ἐπιστρέψῃ ἐντὸς τῆς ἑβδομάδος.

ΠΑΡΙΣΙΟΙ, 7. (Ἡνωμ. Τύπος). — Οἱ πλεῖστοι τῶν καρδιοπαθῶν ἠμποροῦν νὰ ζήσουν ἐπὶ μακρὸν καὶ ἀνέτως, ἐφ᾽ ὅσον τηροῦν ὡρισμένους κανόνας ὑγιεινῆς καὶ ἀποφεύγουν τὴν ὑπερκόπωσιν, δηλοῦν διαπρεπεῖς καρδιολόγοι. Ἡ σύγχρονος ἰατρικὴ παρέχει ἀποτελεσματικὰ μέσα θεραπείας.

ΣΠΥΡΙΔΩΝ ΓΡΑΝΙΤΣΑΣ
ΑΥΣΤΗΡΑ ΜΕΤΡΑ ΕΝΑΝΤΙΟΝ ΤΗΣ ΡΟΔΕΣΙΑΣ ΖΗΤΕΙ ΕΠΙΤΡΟΠΗ ΤΩΝ ΗΝΩΜΕΝΩΝ ΕΘΝΩΝ ΜΕΤΑ ΤΗΝ ΕΚΤΕΛΕΣΙΝ ΤΩΝ ΤΡΙΩΝ ΙΘΑΓΕΝΩΝ
Ζητεῖται ἡ σύλληψις τοῦ Γιάν Σμίθ καὶ ἡ παραπομπὴ αὐτοῦ εἰς δίκην

Κατὰ τὰς πληροφορίας τῶν ἁρμοδίων ὑπηρεσιῶν, ἡ κατάστασις παραμένει σοβαρὰ καὶ αἱ συνομιλίαι συνεχίζονται ὑπὸ τὴν αἰγίδα τοῦ διεθνοῦς ὀργανισμοῦ. Ἡ κυβέρνησις ἐξέδωκεν ἀνακοινωθέν, διὰ τοῦ ὁποίου τονίζεται ὅτι τὰ ληφθέντα μέτρα εἶναι προσωρινὰ καὶ ὅτι ἡ ἐφαρμογή των θὰ ἐπανεξετασθῇ ἐν καιρῷ.

ΙΕΡΟΥΣΑΛΗΜ, 7. (Ἀσ. Πρές.) — Μέχρι στιγμῆς αἱ ἀραβικαὶ χῶραι οὐδεμίαν ἐπιθυμίαν ἐκδηλοῦν ὅπως μετὰ συνομιλίας τῆς ἰσραηλινῆς κυβερνήσεως ἐπιλυθῇ ἡ κρίσις, δηλοῦν τὰ διπλωματικὰ κύκλα. Ὁ ἀπεσταλμένος τοῦ γενικοῦ γραμματέως τῶν Ἡνωμένων Ἐθνῶν μετέβη ἐκ νέου εἰς τὸ Κάιρον πρὸς συνέχισιν τῶν διαπραγματεύσεων καὶ ἀναμένεται νὰ ἐπιστρέψῃ ἐντὸς τῆς ἑβδομάδος.

ΡΩΣΣΙΚΑ ΣΧΟΛΙΑ

ΜΟΣΧΑ, 7. (Ἀσ. Πρές.) — Οἱ ἐνταῦθα διπλωματικοὶ παρατηρηταὶ τονίζουν ὅτι τὸ ρῆγμα μεταξὺ Σοβιετικῆς Ἑνώσεως καὶ Ρουμανίας ἐπισημοποιεῖται μετὰ τὰς νέας ἐκδηλώσεις τοῦ Βουκουρεστίου, τὸ ὁποῖον ἀκολουθεῖ ἀνεξάρτητον πολιτικήν.

Κατὰ τὰς πληροφορίας τῶν ἁρμοδίων ὑπηρεσιῶν, ἡ κατάστασις παραμένει σοβαρὰ καὶ αἱ συνομιλίαι συνεχίζονται ὑπὸ τὴν αἰγίδα τοῦ διεθνοῦς ὀργανισμοῦ. Ἡ κυβέρνησις ἐξέδωκεν ἀνακοινωθέν, διὰ τοῦ ὁποίου τονίζεται ὅτι τὰ ληφθέντα μέτρα εἶναι προσωρινὰ καὶ ὅτι ἡ ἐφαρμογή των θὰ ἐπανεξετασθῇ ἐν καιρῷ.

ΖΗΤΕΙΤΑΙ ΔΡΑΣΙΣ

ΙΕΡΟΥΣΑΛΗΜ, 7. (Ἀσ. Πρές.) — Μέχρι στιγμῆς αἱ ἀραβικαὶ χῶραι οὐδεμίαν ἐπιθυμίαν ἐκδηλοῦν ὅπως μετὰ συνομιλίας τῆς ἰσραηλινῆς κυβερνήσεως ἐπιλυθῇ ἡ κρίσις, δηλοῦν τὰ διπλωματικὰ κύκλα. Ὁ ἀπεσταλμένος τοῦ γενικοῦ γραμματέως τῶν Ἡνωμένων Ἐθνῶν μετέβη ἐκ νέου εἰς τὸ Κάιρον πρὸς συνέχισιν τῶν διαπραγματεύσεων καὶ ἀναμένεται νὰ ἐπιστρέψῃ ἐντὸς τῆς ἑβδομάδος.

ΙΕΡΟΥΣΑΛΗΜ, 7. (Ἀσ. Πρές.) — Μέχρι στιγμῆς αἱ ἀραβικαὶ χῶραι οὐδεμίαν ἐπιθυμίαν ἐκδηλοῦν ὅπως μετὰ συνομιλίας τῆς ἰσραηλινῆς κυβερνήσεως ἐπιλυθῇ ἡ κρίσις, δηλοῦν τὰ διπλωματικὰ κύκλα. Ὁ ἀπεσταλμένος τοῦ γενικοῦ γραμματέως τῶν Ἡνωμένων Ἐθνῶν μετέβη ἐκ νέου εἰς τὸ Κάιρον πρὸς συνέχισιν τῶν διαπραγματεύσεων καὶ ἀναμένεται νὰ ἐπιστρέψῃ ἐντὸς τῆς ἑβδομάδος.

Ο ΑΝΤΙΚΤΥΠΟΣ ΕΙΣ ΑΛΓΕΡΙΑΝ

Κατὰ τὰς πληροφορίας τῶν ἁρμοδίων ὑπηρεσιῶν, ἡ κατάστασις παραμένει σοβαρὰ καὶ αἱ συνομιλίαι συνεχίζονται ὑπὸ τὴν αἰγίδα τοῦ διεθνοῦς ὀργανισμοῦ. Ἡ κυβέρνησις ἐξέδωκεν ἀνακοινωθέν, διὰ τοῦ ὁποίου τονίζεται ὅτι τὰ ληφθέντα μέτρα εἶναι προσωρινὰ καὶ ὅτι ἡ ἐφαρμογή των θὰ ἐπανεξετασθῇ ἐν καιρῷ.

ΕΙΔΙΚΟΙ ΠΡΟΤΑΣΕΙΣ
ΑΛΛΑΙ ΕΠΙΚΡΙΣΕΙΣ
ΑΙ ΗΝ. ΠΟΛΙΤΕΙΑΙ ΘΑ ΑΡΝΗΘΟΥΝ ΝΑ ΕΚΔΩΣΟΥΝ ΤΟΝ ΔΡΑΠΕΤΕΥΣΑΝΤΑ ΣΤΡΑΤΗΓΟΝ ΣΕΤΣΕΝ
ΦΗΜΑΙ ΟΤΙ ΜΕΤΕΦΕΡΕ ΚΑΙ ΜΥΣΤΙΚΑ
Ο ΤΙΤΟ ΕΠΙΔΙΩΚΕΙ ΤΗΝ ΣΥΓΚΛΗΣΙΝ ΔΙΑΣΚΕΨΕΩΣ ΤΩΝ ΟΥΔΕΤΕΡΟΦΙΛΩΝ

ΝΕΑ ΥΟΡΚΗ, 7. (Τοῦ ἀνταποκριτοῦ μας). — Αἱ Ἡνωμέναι Πολιτεῖαι θὰ ἀρνηθοῦν νὰ ἐκδώσουν τὸν δραπετεύσαντα στρατηγόν, ὁ ὁποῖος ἐζήτησε πολιτικὸν ἄσυλον. Κατὰ φήμας, μετέφερε μεθ᾽ ἑαυτοῦ καὶ μυστικὰ ἔγγραφα ὑψίστης σημασίας.

ΙΕΡΟΥΣΑΛΗΜ, 7. (Ἀσ. Πρές.) — Μέχρι στιγμῆς αἱ ἀραβικαὶ χῶραι οὐδεμίαν ἐπιθυμίαν ἐκδηλοῦν ὅπως μετὰ συνομιλίας τῆς ἰσραηλινῆς κυβερνήσεως ἐπιλυθῇ ἡ κρίσις, δηλοῦν τὰ διπλωματικὰ κύκλα. Ὁ ἀπεσταλμένος τοῦ γενικοῦ γραμματέως τῶν Ἡνωμένων Ἐθνῶν μετέβη ἐκ νέου εἰς τὸ Κάιρον πρὸς συνέχισιν τῶν διαπραγματεύσεων καὶ ἀναμένεται νὰ ἐπιστρέψῃ ἐντὸς τῆς ἑβδομάδος.

ΓΕΝΙΚΗ ΑΡΓΙΑ ΕΙΣ ΜΟΣΧΑΝ ΕΠΙ ΤΗ ΗΜΕΡΑ ΤΗΣ ΓΥΝΑΙΚΟΣ

ΜΟΣΧΑ, 7. (Ἀσ. Πρές.) — Οἱ ἐνταῦθα διπλωματικοὶ παρατηρηταὶ τονίζουν ὅτι τὸ ρῆγμα μεταξὺ Σοβιετικῆς Ἑνώσεως καὶ Ρουμανίας ἐπισημοποιεῖται μετὰ τὰς νέας ἐκδηλώσεις τοῦ Βουκουρεστίου, τὸ ὁποῖον ἀκολουθεῖ ἀνεξάρτητον πολιτικήν.

ΣΥΝΕΧΕΙΑ

ΝΕΑ ΥΟΡΚΗ, 7. (Τοῦ ἀνταποκριτοῦ μας). — Αἱ Ἡνωμέναι Πολιτεῖαι θὰ ἀρνηθοῦν νὰ ἐκδώσουν τὸν δραπετεύσαντα στρατηγόν, ὁ ὁποῖος ἐζήτησε πολιτικὸν ἄσυλον. Κατὰ φήμας, μετέφερε μεθ᾽ ἑαυτοῦ καὶ μυστικὰ ἔγγραφα ὑψίστης σημασίας.

ΜΕΤΕΦΕΡΕ ΜΥΣΤΙΚΑ

Κατὰ τὰς πληροφορίας τῶν ἁρμοδίων ὑπηρεσιῶν, ἡ κατάστασις παραμένει σοβαρὰ καὶ αἱ συνομιλίαι συνεχίζονται ὑπὸ τὴν αἰγίδα τοῦ διεθνοῦς ὀργανισμοῦ. Ἡ κυβέρνησις ἐξέδωκεν ἀνακοινωθέν, διὰ τοῦ ὁποίου τονίζεται ὅτι τὰ ληφθέντα μέτρα εἶναι προσωρινὰ καὶ ὅτι ἡ ἐφαρμογή των θὰ ἐπανεξετασθῇ ἐν καιρῷ.

ΝΕΑ ΥΟΡΚΗ, 7. (Τοῦ ἀνταποκριτοῦ μας). — Αἱ Ἡνωμέναι Πολιτεῖαι θὰ ἀρνηθοῦν νὰ ἐκδώσουν τὸν δραπετεύσαντα στρατηγόν, ὁ ὁποῖος ἐζήτησε πολιτικὸν ἄσυλον. Κατὰ φήμας, μετέφερε μεθ᾽ ἑαυτοῦ καὶ μυστικὰ ἔγγραφα ὑψίστης σημασίας.

Η ΑΠΟΡΡΙΨΙΣ Η ΑΠΟ ΖΑΣ

ΙΕΡΟΥΣΑΛΗΜ, 7. (Ἀσ. Πρές.) — Μέχρι στιγμῆς αἱ ἀραβικαὶ χῶραι οὐδεμίαν ἐπιθυμίαν ἐκδηλοῦν ὅπως μετὰ συνομιλίας τῆς ἰσραηλινῆς κυβερνήσεως ἐπιλυθῇ ἡ κρίσις, δηλοῦν τὰ διπλωματικὰ κύκλα. Ὁ ἀπεσταλμένος τοῦ γενικοῦ γραμματέως τῶν Ἡνωμένων Ἐθνῶν μετέβη ἐκ νέου εἰς τὸ Κάιρον πρὸς συνέχισιν τῶν διαπραγματεύσεων καὶ ἀναμένεται νὰ ἐπιστρέψῃ ἐντὸς τῆς ἑβδομάδος.

ΣΥΝΗΦΘΗ ΕΙΣ ΒΡΥΞΕΛΛΑΣ Η ΣΥΜΦΩΝΙΑ ΣΥΝΔΕΣΕΩΣ ΕΛΛΑΔΟΣ ΚΑΙ ΕΟΚ

ΒΡΥΞΕΛΛΑΙ, 7. (Ἀθ. Πρακτ.) — Ὑπεγράφη ἐνταῦθα ἡ συμφωνία διὰ τῆς ὁποίας ρυθμίζονται αἱ ἐκκρεμότητες τῆς συνδέσεως τῆς Ἑλλάδος μετὰ τῆς Εὐρωπαϊκῆς Οἰκονομικῆς Κοινότητος. Ἡ ἑλληνικὴ ἀντιπροσωπεία ἐξέφρασε τὴν ἱκανοποίησίν της.

ΕΞΑΙΡΕΤΑΙ Η ΕΙΣΡΟΗ ΞΕΝΩΝ ΚΕΦΑΛΑΙΩΝ ΕΙΣ ΤΗΝ ΕΛΛΑΔΑ

ΑΘΗΝΑΙ, 7. — Σημαντικὴν ἄνοδον ἐσημείωσεν ἡ οἰκοδομικὴ δραστηριότης κατὰ τὸ παρελθὸν ἔτος, συμφώνως πρὸς τὰ στοιχεῖα τῆς Ἐθνικῆς Στατιστικῆς Ὑπηρεσίας. Μετεβιβάσθησαν ἐν συνόλῳ διαμερίσματα ἀξίας πολλῶν ἑκατομμυρίων δραχμῶν, ἐνῷ ἡ ζήτησις κατοικιῶν παραμένει ὑψηλή.

ΝΕΑ ΥΟΡΚΗ, 7. (Τοῦ ἀνταποκριτοῦ μας). — Αἱ Ἡνωμέναι Πολιτεῖαι θὰ ἀρνηθοῦν νὰ ἐκδώσουν τὸν δραπετεύσαντα στρατηγόν, ὁ ὁποῖος ἐζήτησε πολιτικὸν ἄσυλον. Κατὰ φήμας, μετέφερε μεθ᾽ ἑαυτοῦ καὶ μυστικὰ ἔγγραφα ὑψίστης σημασίας.

ΘΑ ΖΗΤ—Ϊ Η ΕΚΔΟΣΙΣ

Κατὰ τὰς πληροφορίας τῶν ἁρμοδίων ὑπηρεσιῶν, ἡ κατάστασις παραμένει σοβαρὰ καὶ αἱ συνομιλίαι συνεχίζονται ὑπὸ τὴν αἰγίδα τοῦ διεθνοῦς ὀργανισμοῦ. Ἡ κυβέρνησις ἐξέδωκεν ἀνακοινωθέν, διὰ τοῦ ὁποίου τονίζεται ὅτι τὰ ληφθέντα μέτρα εἶναι προσωρινὰ καὶ ὅτι ἡ ἐφαρμογή των θὰ ἐπανεξετασθῇ ἐν καιρῷ.

Ο ΛΕΚΑΝΥΕ ΠΑΡΑ ΤΗΝ ΕΚΚΛΗΣΙΝ ΤΟΥ ΠΟΜΠΙΝΤΟΥ ΔΕΝ ΜΕΤΕΧΕΙ ΕΙΣ ΤΟΝ ΓΚΩΛΙΚΟΝ ΣΥΝΑΣΠΙΣΜΟΝ
ΓΕΡΜΑΝΟΙ ΦΟΙΤΗΤΑΙ ΖΗΤΟΥΝ ΤΗΝ ΠΑΡΑΙΤΗΣΙΝ ΤΟΥ Κ. ΛΥΜΠΚΕ

ΠΑΡΙΣΙΟΙ, 7. (Ἡνωμ. Τύπος). — Οἱ πλεῖστοι τῶν καρδιοπαθῶν ἠμποροῦν νὰ ζήσουν ἐπὶ μακρὸν καὶ ἀνέτως, ἐφ᾽ ὅσον τηροῦν ὡρισμένους κανόνας ὑγιεινῆς καὶ ἀποφεύγουν τὴν ὑπερκόπωσιν, δηλοῦν διαπρεπεῖς καρδιολόγοι. Ἡ σύγχρονος ἰατρικὴ παρέχει ἀποτελεσματικὰ μέσα θεραπείας.

ΕΞ ΙΝΔΟΙ ΝΕΚΡΟΙ ΕΚ ΔΗΛΗΤΗΡΙΑΣΜΕΝΟΥ ΠΟΣΙΜΟΥ ΥΔΑΤΟΣ

ΙΕΡΟΥΣΑΛΗΜ, 7. (Ἀσ. Πρές.) — Μέχρι στιγμῆς αἱ ἀραβικαὶ χῶραι οὐδεμίαν ἐπιθυμίαν ἐκδηλοῦν ὅπως μετὰ συνομιλίας τῆς ἰσραηλινῆς κυβερνήσεως ἐπιλυθῇ ἡ κρίσις, δηλοῦν τὰ διπλωματικὰ κύκλα. Ὁ ἀπεσταλμένος τοῦ γενικοῦ γραμματέως τῶν Ἡνωμένων Ἐθνῶν μετέβη ἐκ νέου εἰς τὸ Κάιρον πρὸς συνέχισιν τῶν διαπραγματεύσεων καὶ ἀναμένεται νὰ ἐπιστρέψῃ ἐντὸς τῆς ἑβδομάδος.

ΟΤΤΑΒΑ, 7. (Ἀσ. Πρές.) — Ὁ πρωθυπουργὸς τοῦ Καναδᾶ ἐδήλωσεν ὅτι ἡ κυβέρνησίς του θὰ διακόψῃ τὰς σχέσεις μετὰ τῆς Γαλλίας ἐὰν τὸ Κεμπὲκ προσκληθῇ εἰς διεθνῆ συνδιάσκεψιν ὡς ἀνεξάρτητον μέρος. Ἡ δήλωσις προεκάλεσεν ἐντύπωσιν εἰς τοὺς διπλωματικοὺς κύκλους.

Κατὰ τὰς πληροφορίας τῶν ἁρμοδίων ὑπηρεσιῶν, ἡ κατάστασις παραμένει σοβαρὰ καὶ αἱ συνομιλίαι συνεχίζονται ὑπὸ τὴν αἰγίδα τοῦ διεθνοῦς ὀργανισμοῦ. Ἡ κυβέρνησις ἐξέδωκεν ἀνακοινωθέν, διὰ τοῦ ὁποίου τονίζεται ὅτι τὰ ληφθέντα μέτρα εἶναι προσωρινὰ καὶ ὅτι ἡ ἐφαρμογή των θὰ ἐπανεξετασθῇ ἐν καιρῷ.

Η ΠΟΛΩΝΙΑ ΑΠΟΚΤΑ ΝΕΟΝ ΠΟΙΝΙΚΟΝ ΚΩΔΙΚΑ ΜΕ ΠΕΡΙΣΣΟΤΕΡΟΝ ΑΝΘΡΩΠΙΣΤΙΚΑ ΑΡΘΡΑ
Ο ΜΠΟΥΡΓΚΙΜΠΑ ΕΙΣ ΤΟΝ ΚΑΝΑΔΑΝ

ΟΤΤΑΒΑ, 7. (Ἀσ. Πρές.) — Ὁ πρωθυπουργὸς τοῦ Καναδᾶ ἐδήλωσεν ὅτι ἡ κυβέρνησίς του θὰ διακόψῃ τὰς σχέσεις μετὰ τῆς Γαλλίας ἐὰν τὸ Κεμπὲκ προσκληθῇ εἰς διεθνῆ συνδιάσκεψιν ὡς ἀνεξάρτητον μέρος. Ἡ δήλωσις προεκάλεσεν ἐντύπωσιν εἰς τοὺς διπλωματικοὺς κύκλους.

Ο Κ. ΧΡΙΣΤΟΠΟΥΛΟΣ ΕΔΕΧΘΗ ΤΟΝ Κ. ΤΟΥΛΟΥΙ

ΑΘΗΝΑΙ, 7. — Σημαντικὴν ἄνοδον ἐσημείωσεν ἡ οἰκοδομικὴ δραστηριότης κατὰ τὸ παρελθὸν ἔτος, συμφώνως πρὸς τὰ στοιχεῖα τῆς Ἐθνικῆς Στατιστικῆς Ὑπηρεσίας. Μετεβιβάσθησαν ἐν συνόλῳ διαμερίσματα ἀξίας πολλῶν ἑκατομμυρίων δραχμῶν, ἐνῷ ἡ ζήτησις κατοικιῶν παραμένει ὑψηλή.

ΜΟΣΧΑ, 7. (Ἀσ. Πρές.) — Οἱ ἐνταῦθα διπλωματικοὶ παρατηρηταὶ τονίζουν ὅτι τὸ ρῆγμα μεταξὺ Σοβιετικῆς Ἑνώσεως καὶ Ρουμανίας ἐπισημοποιεῖται μετὰ τὰς νέας ἐκδηλώσεις τοῦ Βουκουρεστίου, τὸ ὁποῖον ἀκολουθεῖ ἀνεξάρτητον πολιτικήν.

ΝΕΑΙ ΑΓΓΛΙΚΑΙ ΠΡΟΤΑΣΕΙΣ ΠΡΟΣ ΤΗΝ ΜΑΛΤΑΝ ΠΕΡΙ ΤΗΣ ΤΥΧΗΣ ΤΩΝ ΝΑΥΤΙΚΩΝ ΒΑΣΕΩΝ

ΝΕΑ ΥΟΡΚΗ, 7. (Τοῦ ἀνταποκριτοῦ μας). — Αἱ Ἡνωμέναι Πολιτεῖαι θὰ ἀρνηθοῦν νὰ ἐκδώσουν τὸν δραπετεύσαντα στρατηγόν, ὁ ὁποῖος ἐζήτησε πολιτικὸν ἄσυλον. Κατὰ φήμας, μετέφερε μεθ᾽ ἑαυτοῦ καὶ μυστικὰ ἔγγραφα ὑψίστης σημασίας.

ΒΡΥΞΕΛΛΑΙ, 7. (Ἀθ. Πρακτ.) — Ὑπεγράφη ἐνταῦθα ἡ συμφωνία διὰ τῆς ὁποίας ρυθμίζονται αἱ ἐκκρεμότητες τῆς συνδέσεως τῆς Ἑλλάδος μετὰ τῆς Εὐρωπαϊκῆς Οἰκονομικῆς Κοινότητος. Ἡ ἑλληνικὴ ἀντιπροσωπεία ἐξέφρασε τὴν ἱκανοποίησίν της.
